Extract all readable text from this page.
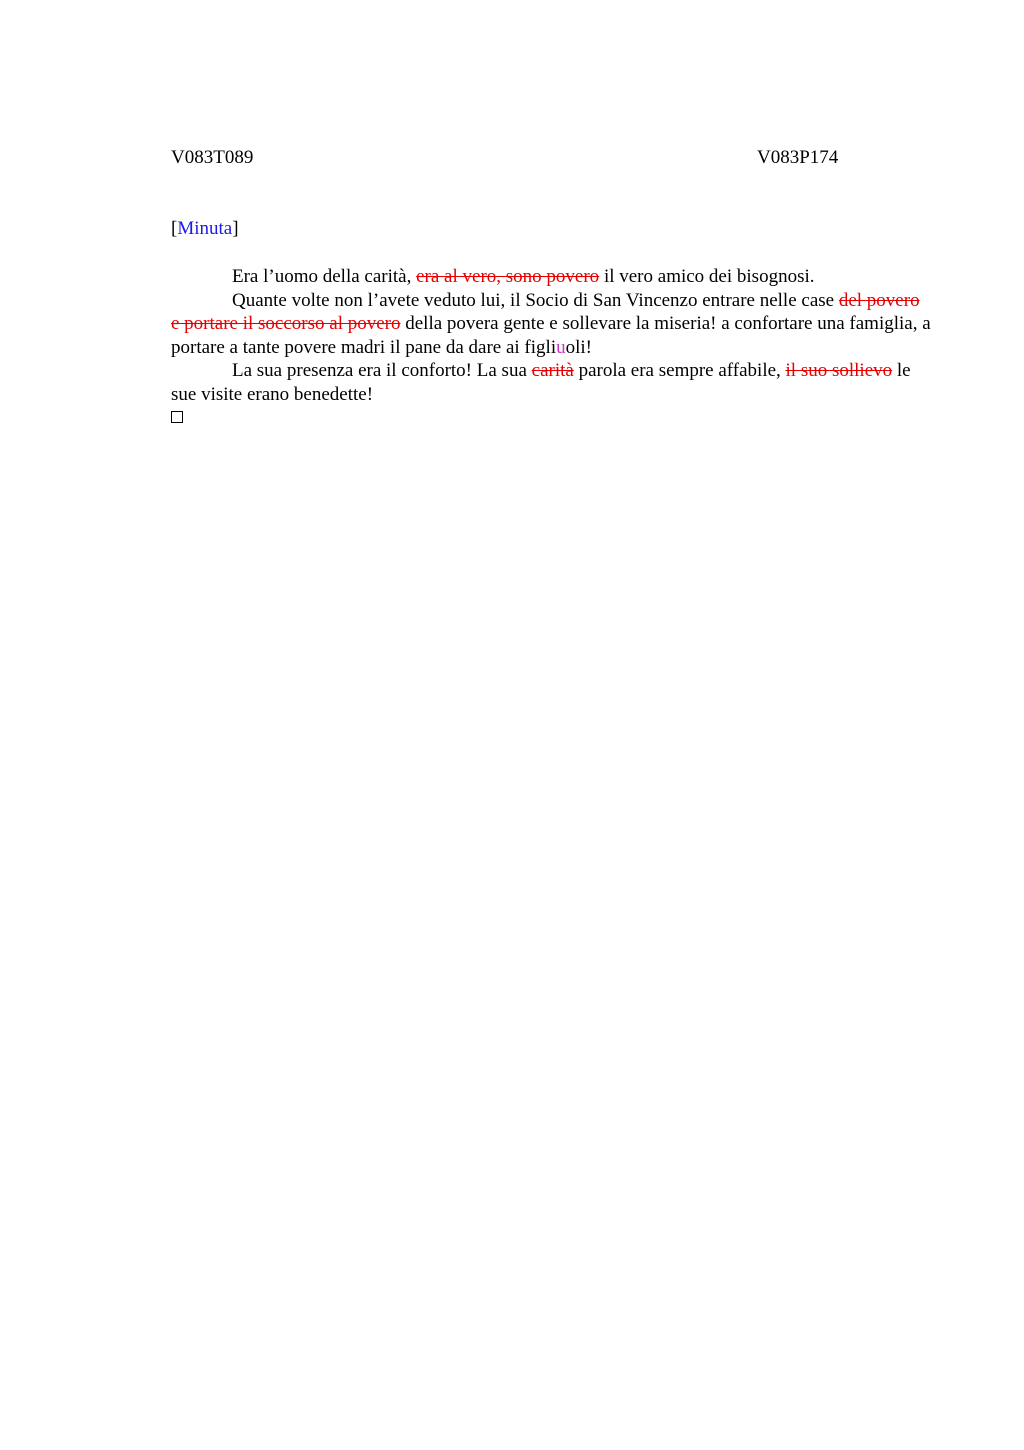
V083T089	V083P174
[Minuta]

Era l’uomo della carità, era al vero, sono povero il vero amico dei bisognosi.

Quante volte non l’avete veduto lui, il Socio di San Vincenzo entrare nelle case del povero e portare il soccorso al povero della povera gente e sollevare la miseria! a confortare una famiglia, a portare a tante povere madri il pane da dare ai figliuoli!

La sua presenza era il conforto! La sua carità parola era sempre affabile, il suo sollievo le sue visite erano benedette!
